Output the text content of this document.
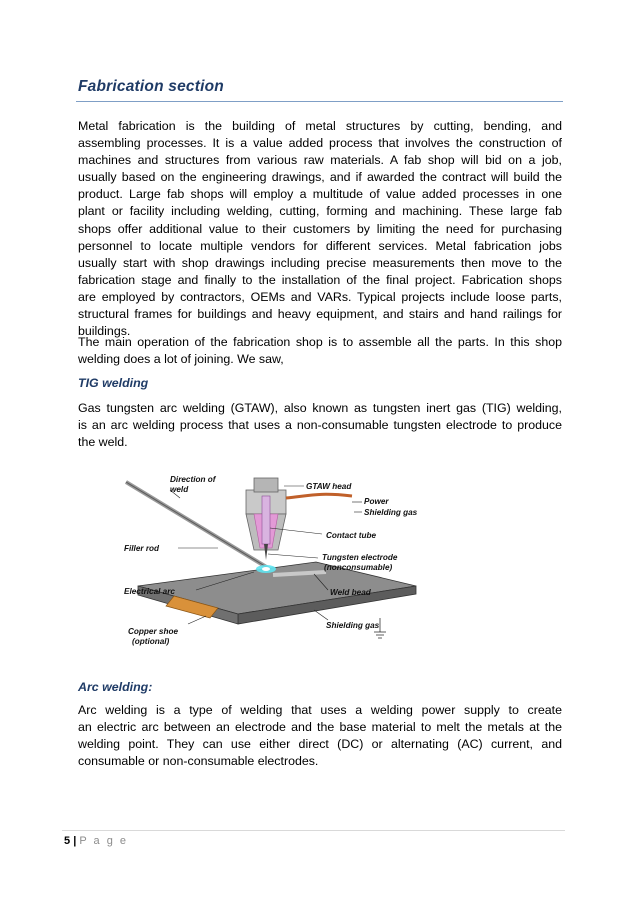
Fabrication section
Metal fabrication is the building of metal structures by cutting, bending, and
assembling processes. It is a value added process that involves the construction of
machines and structures from various raw materials. A fab shop will bid on a job,
usually based on the engineering drawings, and if awarded the contract will build the
product. Large fab shops will employ a multitude of value added processes in one
plant or facility including welding, cutting, forming and machining. These large fab
shops offer additional value to their customers by limiting the need for purchasing
personnel to locate multiple vendors for different services. Metal fabrication jobs
usually start with shop drawings including precise measurements then move to the
fabrication stage and finally to the installation of the final project. Fabrication shops
are employed by contractors, OEMs and VARs. Typical projects include loose parts,
structural frames for buildings and heavy equipment, and stairs and hand railings for
buildings.
The main operation of the fabrication shop is to assemble all the parts. In this shop
welding does a lot of joining. We saw,
TIG welding
Gas tungsten arc welding (GTAW), also known as tungsten inert gas (TIG) welding,
is an arc welding process that uses a non-consumable tungsten electrode to produce
the weld.
Direction of
weld	GTAW head
Power
Shielding gas
Contact tube
Filler rod
Tungsten electrode
(nonconsumable)
Electrical arc	Weld bead
Copper shoe
(optional)
Shielding gas
Arc welding:
Arc welding is a type of welding that uses a welding power supply to create
an electric arc between an electrode and the base material to melt the metals at the
welding point. They can use either direct (DC) or alternating (AC) current, and
consumable or non-consumable electrodes.
5 | P a g e
